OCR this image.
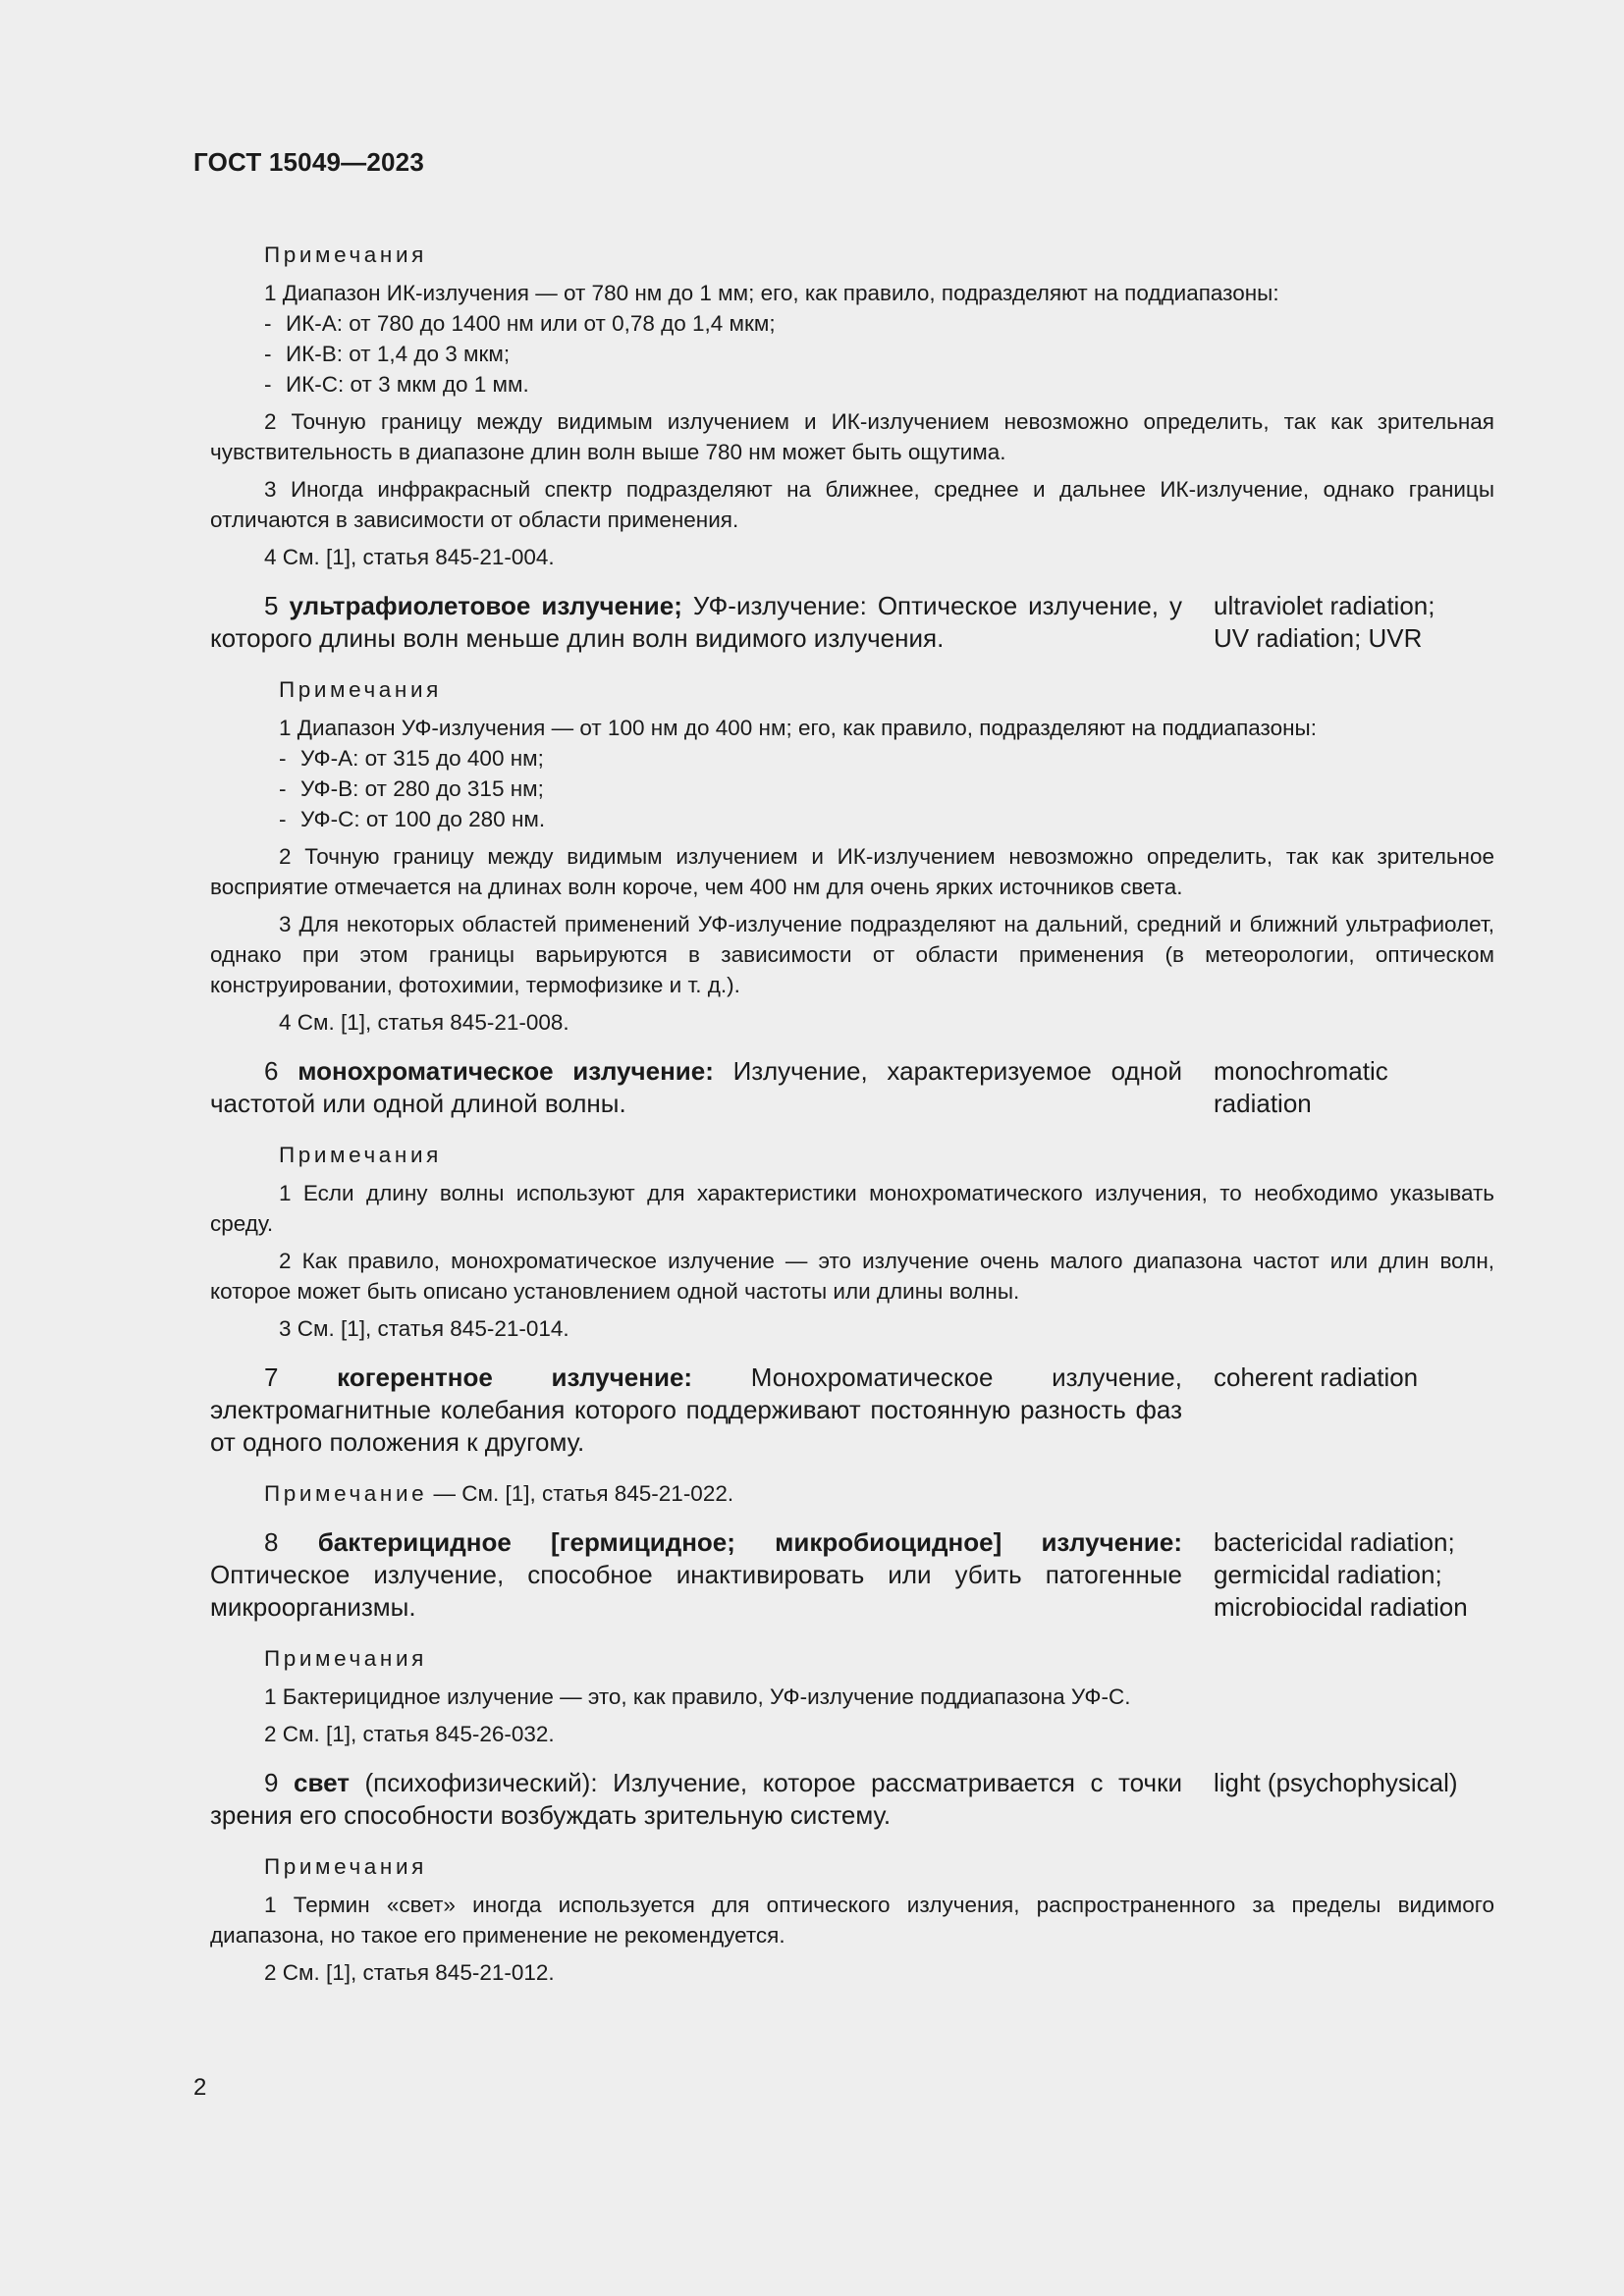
ГОСТ 15049—2023
Примечания
1 Диапазон ИК-излучения — от 780 нм до 1 мм; его, как правило, подразделяют на поддиапазоны:
- ИК-А: от 780 до 1400 нм или от 0,78 до 1,4 мкм;
- ИК-В: от 1,4 до 3 мкм;
- ИК-С: от 3 мкм до 1 мм.
2 Точную границу между видимым излучением и ИК-излучением невозможно определить, так как зрительная чувствительность в диапазоне длин волн выше 780 нм может быть ощутима.
3 Иногда инфракрасный спектр подразделяют на ближнее, среднее и дальнее ИК-излучение, однако границы отличаются в зависимости от области применения.
4 См. [1], статья 845-21-004.
5 ультрафиолетовое излучение; УФ-излучение: Оптическое излучение, у которого длины волн меньше длин волн видимого излучения.
ultraviolet radiation;
UV radiation; UVR
Примечания
1 Диапазон УФ-излучения — от 100 нм до 400 нм; его, как правило, подразделяют на поддиапазоны:
- УФ-А: от 315 до 400 нм;
- УФ-В: от 280 до 315 нм;
- УФ-С: от 100 до 280 нм.
2 Точную границу между видимым излучением и ИК-излучением невозможно определить, так как зрительное восприятие отмечается на длинах волн короче, чем 400 нм для очень ярких источников света.
3 Для некоторых областей применений УФ-излучение подразделяют на дальний, средний и ближний ультрафиолет, однако при этом границы варьируются в зависимости от области применения (в метеорологии, оптическом конструировании, фотохимии, термофизике и т. д.).
4 См. [1], статья 845-21-008.
6 монохроматическое излучение: Излучение, характеризуемое одной частотой или одной длиной волны.
monochromatic
radiation
Примечания
1 Если длину волны используют для характеристики монохроматического излучения, то необходимо указывать среду.
2 Как правило, монохроматическое излучение — это излучение очень малого диапазона частот или длин волн, которое может быть описано установлением одной частоты или длины волны.
3 См. [1], статья 845-21-014.
7 когерентное излучение: Монохроматическое излучение, электромагнитные колебания которого поддерживают постоянную разность фаз от одного положения к другому.
coherent radiation
Примечание — См. [1], статья 845-21-022.
8 бактерицидное [гермицидное; микробиоцидное] излучение: Оптическое излучение, способное инактивировать или убить патогенные микроорганизмы.
bactericidal radiation;
germicidal radiation;
microbiocidal radiation
Примечания
1 Бактерицидное излучение — это, как правило, УФ-излучение поддиапазона УФ-С.
2 См. [1], статья 845-26-032.
9 свет (психофизический): Излучение, которое рассматривается с точки зрения его способности возбуждать зрительную систему.
light (psychophysical)
Примечания
1 Термин «свет» иногда используется для оптического излучения, распространенного за пределы видимого диапазона, но такое его применение не рекомендуется.
2 См. [1], статья 845-21-012.
2
